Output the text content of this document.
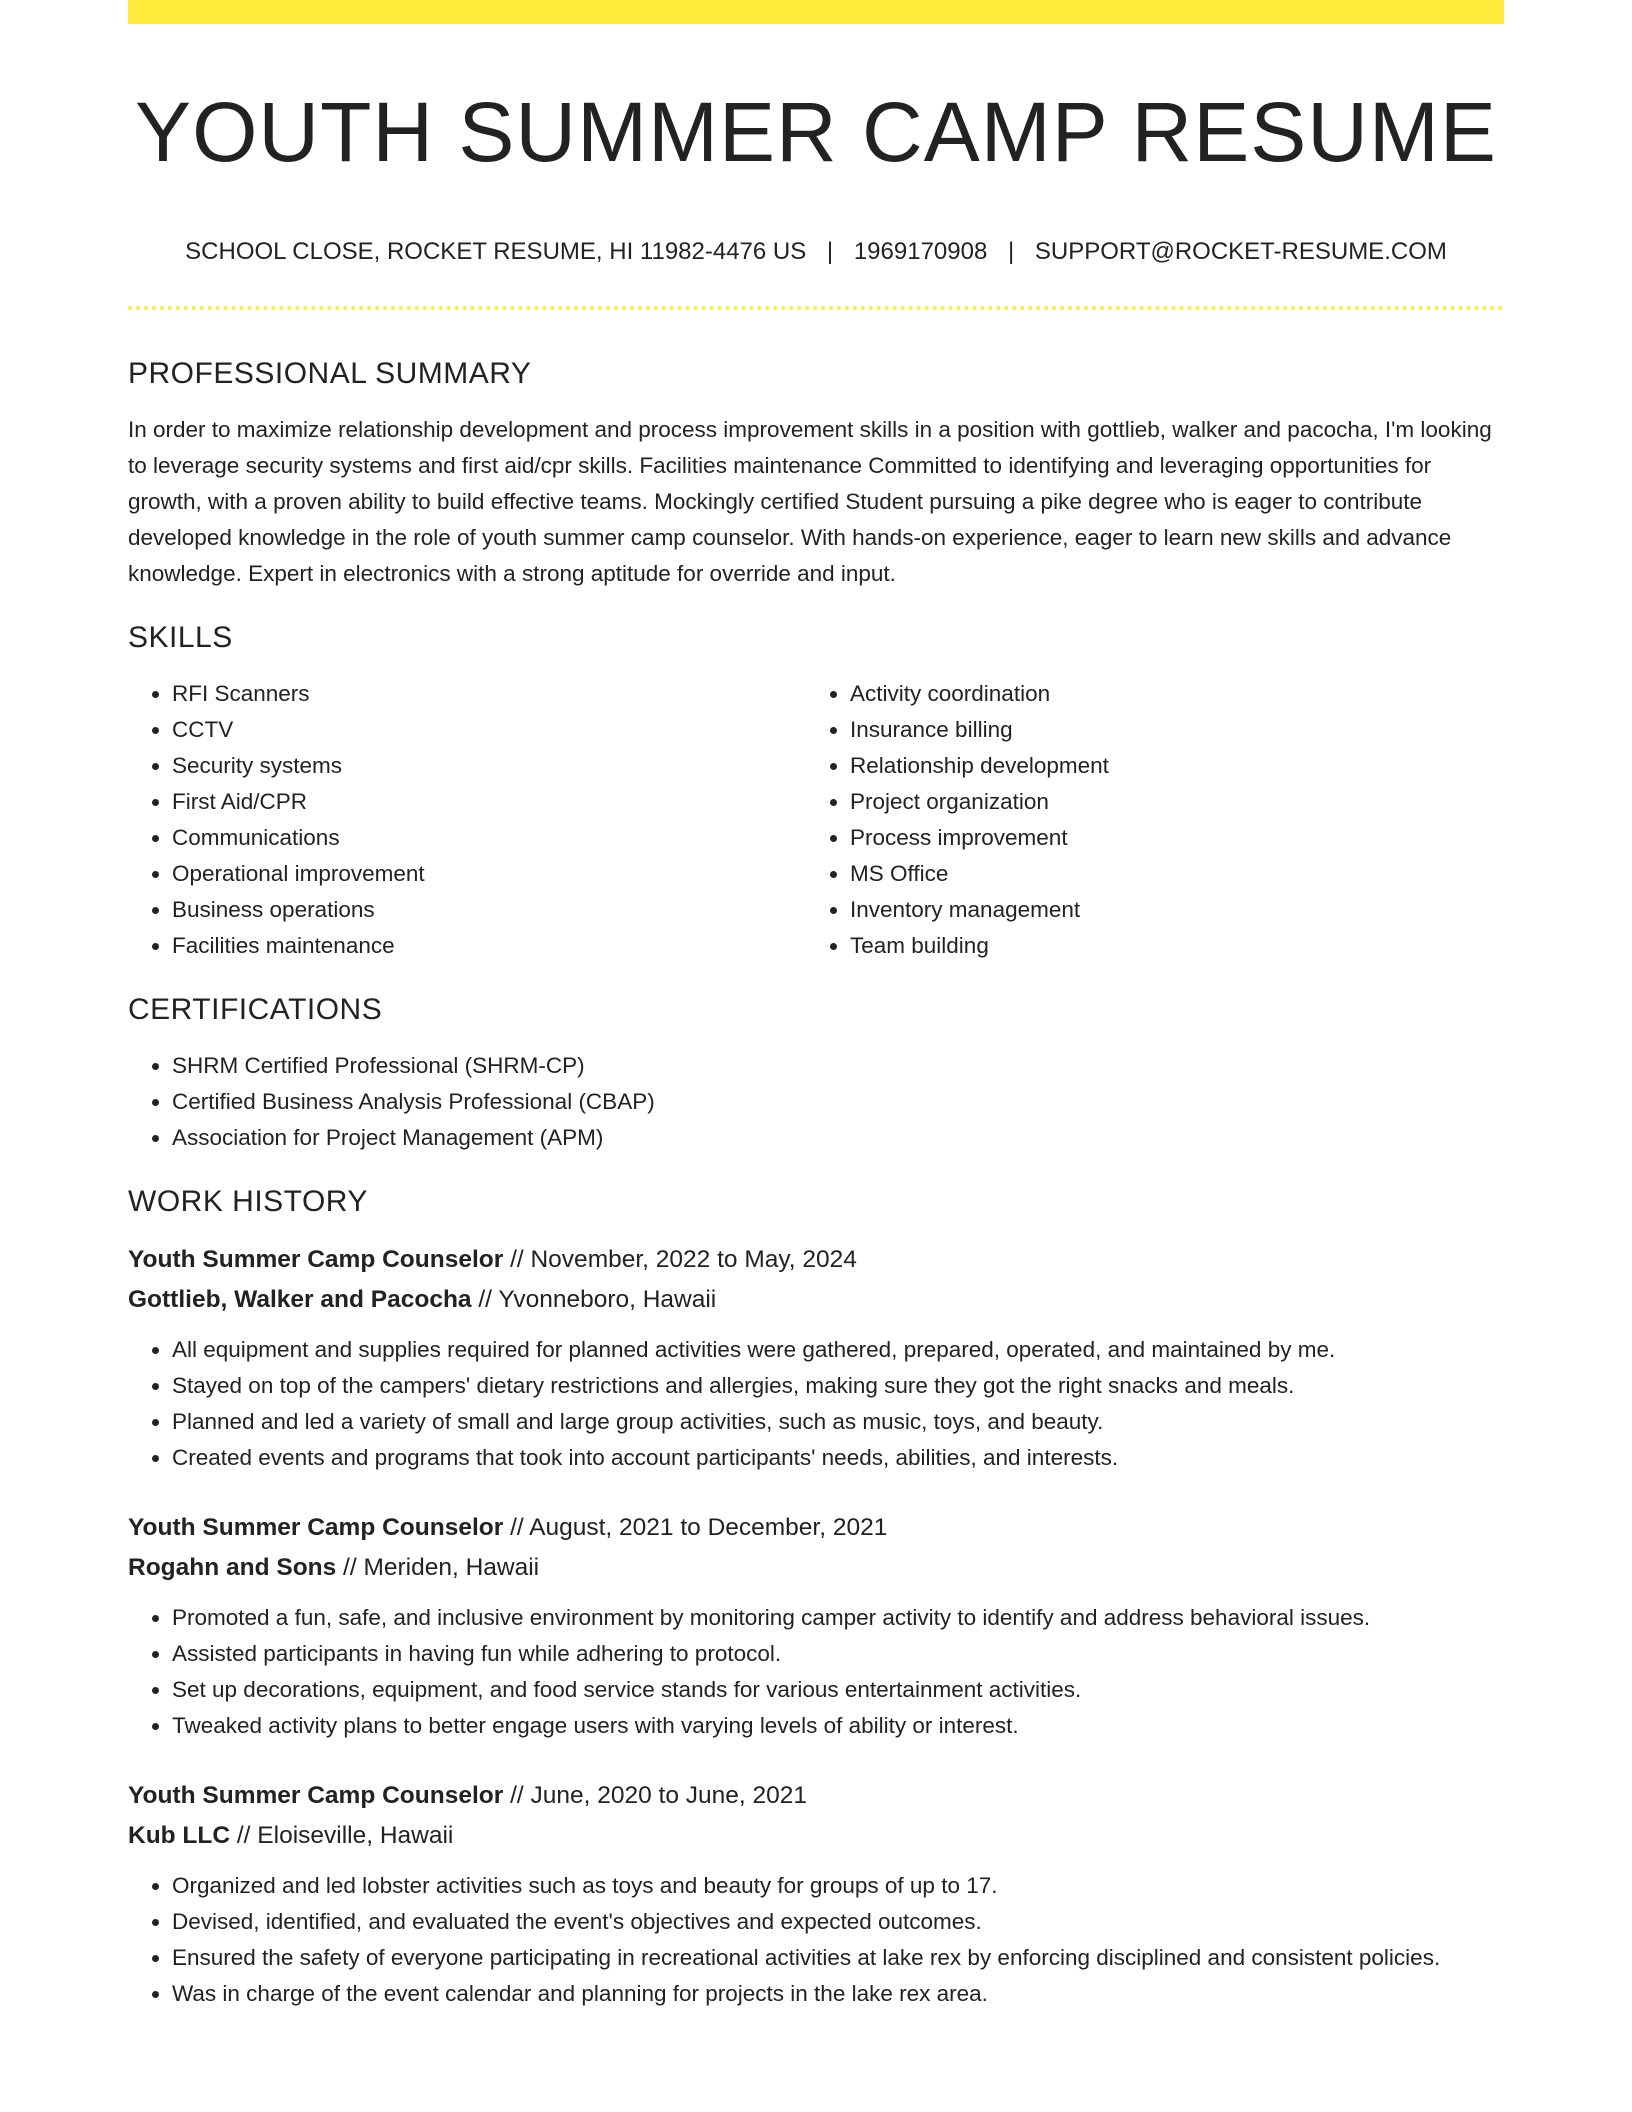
YOUTH SUMMER CAMP RESUME
SCHOOL CLOSE, ROCKET RESUME, HI 11982-4476 US | 1969170908 | SUPPORT@ROCKET-RESUME.COM
PROFESSIONAL SUMMARY
In order to maximize relationship development and process improvement skills in a position with gottlieb, walker and pacocha, I'm looking to leverage security systems and first aid/cpr skills. Facilities maintenance Committed to identifying and leveraging opportunities for growth, with a proven ability to build effective teams. Mockingly certified Student pursuing a pike degree who is eager to contribute developed knowledge in the role of youth summer camp counselor. With hands-on experience, eager to learn new skills and advance knowledge. Expert in electronics with a strong aptitude for override and input.
SKILLS
• RFI Scanners
• CCTV
• Security systems
• First Aid/CPR
• Communications
• Operational improvement
• Business operations
• Facilities maintenance
• Activity coordination
• Insurance billing
• Relationship development
• Project organization
• Process improvement
• MS Office
• Inventory management
• Team building
CERTIFICATIONS
• SHRM Certified Professional (SHRM-CP)
• Certified Business Analysis Professional (CBAP)
• Association for Project Management (APM)
WORK HISTORY
Youth Summer Camp Counselor // November, 2022 to May, 2024
Gottlieb, Walker and Pacocha // Yvonneboro, Hawaii
• All equipment and supplies required for planned activities were gathered, prepared, operated, and maintained by me.
• Stayed on top of the campers' dietary restrictions and allergies, making sure they got the right snacks and meals.
• Planned and led a variety of small and large group activities, such as music, toys, and beauty.
• Created events and programs that took into account participants' needs, abilities, and interests.
Youth Summer Camp Counselor // August, 2021 to December, 2021
Rogahn and Sons // Meriden, Hawaii
• Promoted a fun, safe, and inclusive environment by monitoring camper activity to identify and address behavioral issues.
• Assisted participants in having fun while adhering to protocol.
• Set up decorations, equipment, and food service stands for various entertainment activities.
• Tweaked activity plans to better engage users with varying levels of ability or interest.
Youth Summer Camp Counselor // June, 2020 to June, 2021
Kub LLC // Eloiseville, Hawaii
• Organized and led lobster activities such as toys and beauty for groups of up to 17.
• Devised, identified, and evaluated the event's objectives and expected outcomes.
• Ensured the safety of everyone participating in recreational activities at lake rex by enforcing disciplined and consistent policies.
• Was in charge of the event calendar and planning for projects in the lake rex area.
